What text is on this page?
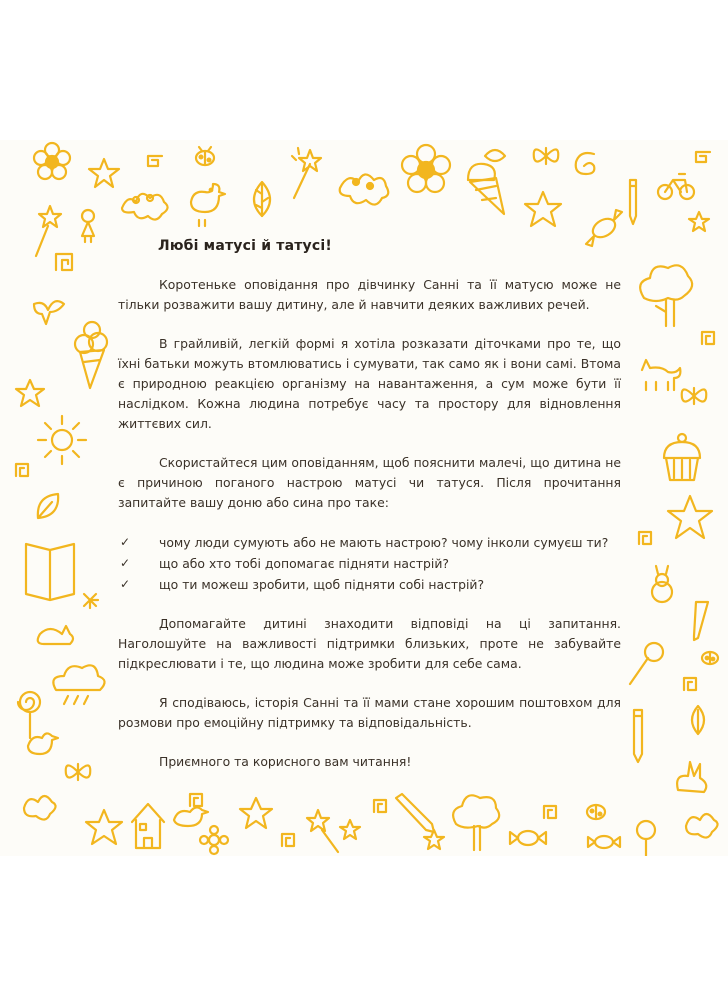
Любі матусі й татусі!

Коротеньке оповідання про дівчинку Санні та її матусю може не тільки розважити вашу дитину, але й навчити деяких важливих речей.

В грайливій, легкій формі я хотіла розказати діточками про те, що їхні батьки можуть втомлюватись і сумувати, так само як і вони самі. Втома є природною реакцією організму на навантаження, а сум може бути її наслідком. Кожна людина потребує часу та простору для відновлення життєвих сил.

Скористайтеся цим оповіданням, щоб пояснити малечі, що дитина не є причиною поганого настрою матусі чи татуся. Після прочитання запитайте вашу доню або сина про таке:

✓ чому люди сумують або не мають настрою? чому інколи сумуєш ти?
✓ що або хто тобі допомагає підняти настрій?
✓ що ти можеш зробити, щоб підняти собі настрій?

Допомагайте дитині знаходити відповіді на ці запитання. Наголошуйте на важливості підтримки близьких, проте не забувайте підкреслювати і те, що людина може зробити для себе сама.

Я сподіваюсь, історія Санні та її мами стане хорошим поштовхом для розмови про емоційну підтримку та відповідальність.

Приємного та корисного вам читання!
